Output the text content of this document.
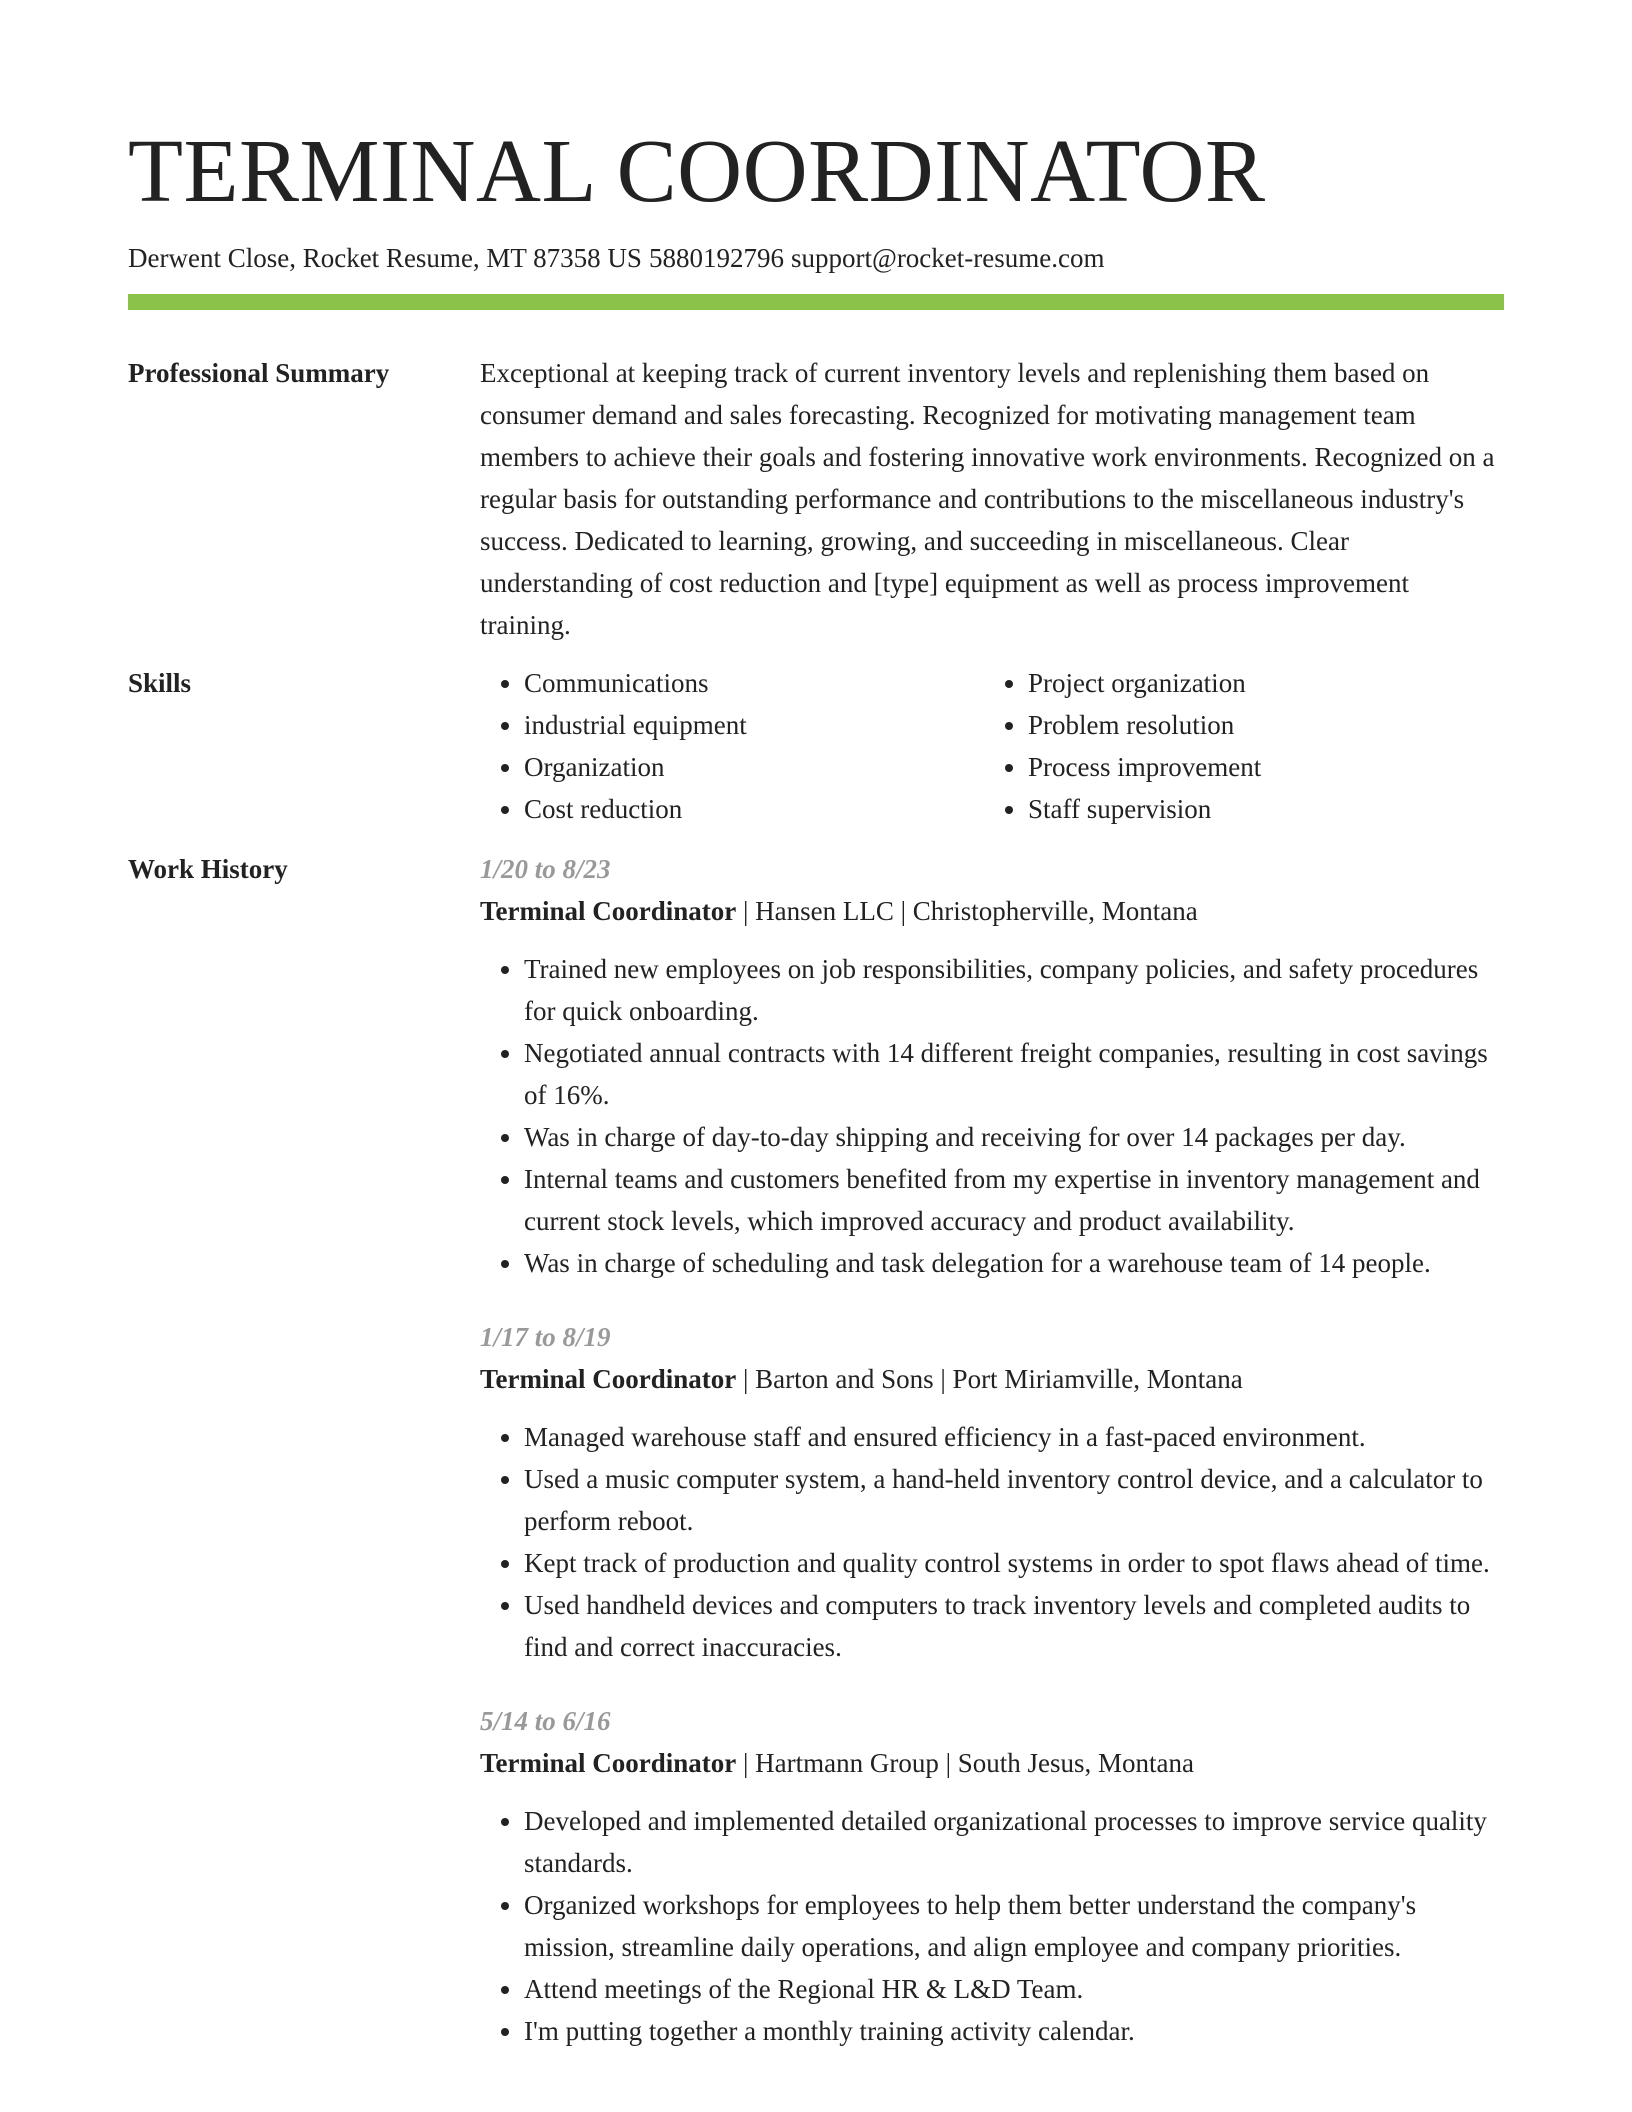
TERMINAL COORDINATOR
Derwent Close, Rocket Resume, MT 87358 US 5880192796 support@rocket-resume.com
Professional Summary	Exceptional at keeping track of current inventory levels and replenishing them based on consumer demand and sales forecasting. Recognized for motivating management team members to achieve their goals and fostering innovative work environments. Recognized on a regular basis for outstanding performance and contributions to the miscellaneous industry's success. Dedicated to learning, growing, and succeeding in miscellaneous. Clear understanding of cost reduction and [type] equipment as well as process improvement training.

Skills
•	Communications
• industrial equipment
• Organization
• Cost reduction
• Project organization
• Problem resolution
• Process improvement
• Staff supervision
Work History	1/20 to 8/23
Terminal Coordinator | Hansen LLC | Christopherville, Montana
• Trained new employees on job responsibilities, company policies, and safety procedures for quick onboarding.
• Negotiated annual contracts with 14 different freight companies, resulting in cost savings of 16%.
• Was in charge of day-to-day shipping and receiving for over 14 packages per day.
• Internal teams and customers benefited from my expertise in inventory management and current stock levels, which improved accuracy and product availability.
• Was in charge of scheduling and task delegation for a warehouse team of 14 people.
1/17 to 8/19
Terminal Coordinator | Barton and Sons | Port Miriamville, Montana
• Managed warehouse staff and ensured efficiency in a fast-paced environment.
• Used a music computer system, a hand-held inventory control device, and a calculator to perform reboot.
• Kept track of production and quality control systems in order to spot flaws ahead of time.
• Used handheld devices and computers to track inventory levels and completed audits to find and correct inaccuracies.
5/14 to 6/16
Terminal Coordinator | Hartmann Group | South Jesus, Montana
• Developed and implemented detailed organizational processes to improve service quality standards.
• Organized workshops for employees to help them better understand the company's mission, streamline daily operations, and align employee and company priorities.
• Attend meetings of the Regional HR & L&D Team.
• I'm putting together a monthly training activity calendar.
